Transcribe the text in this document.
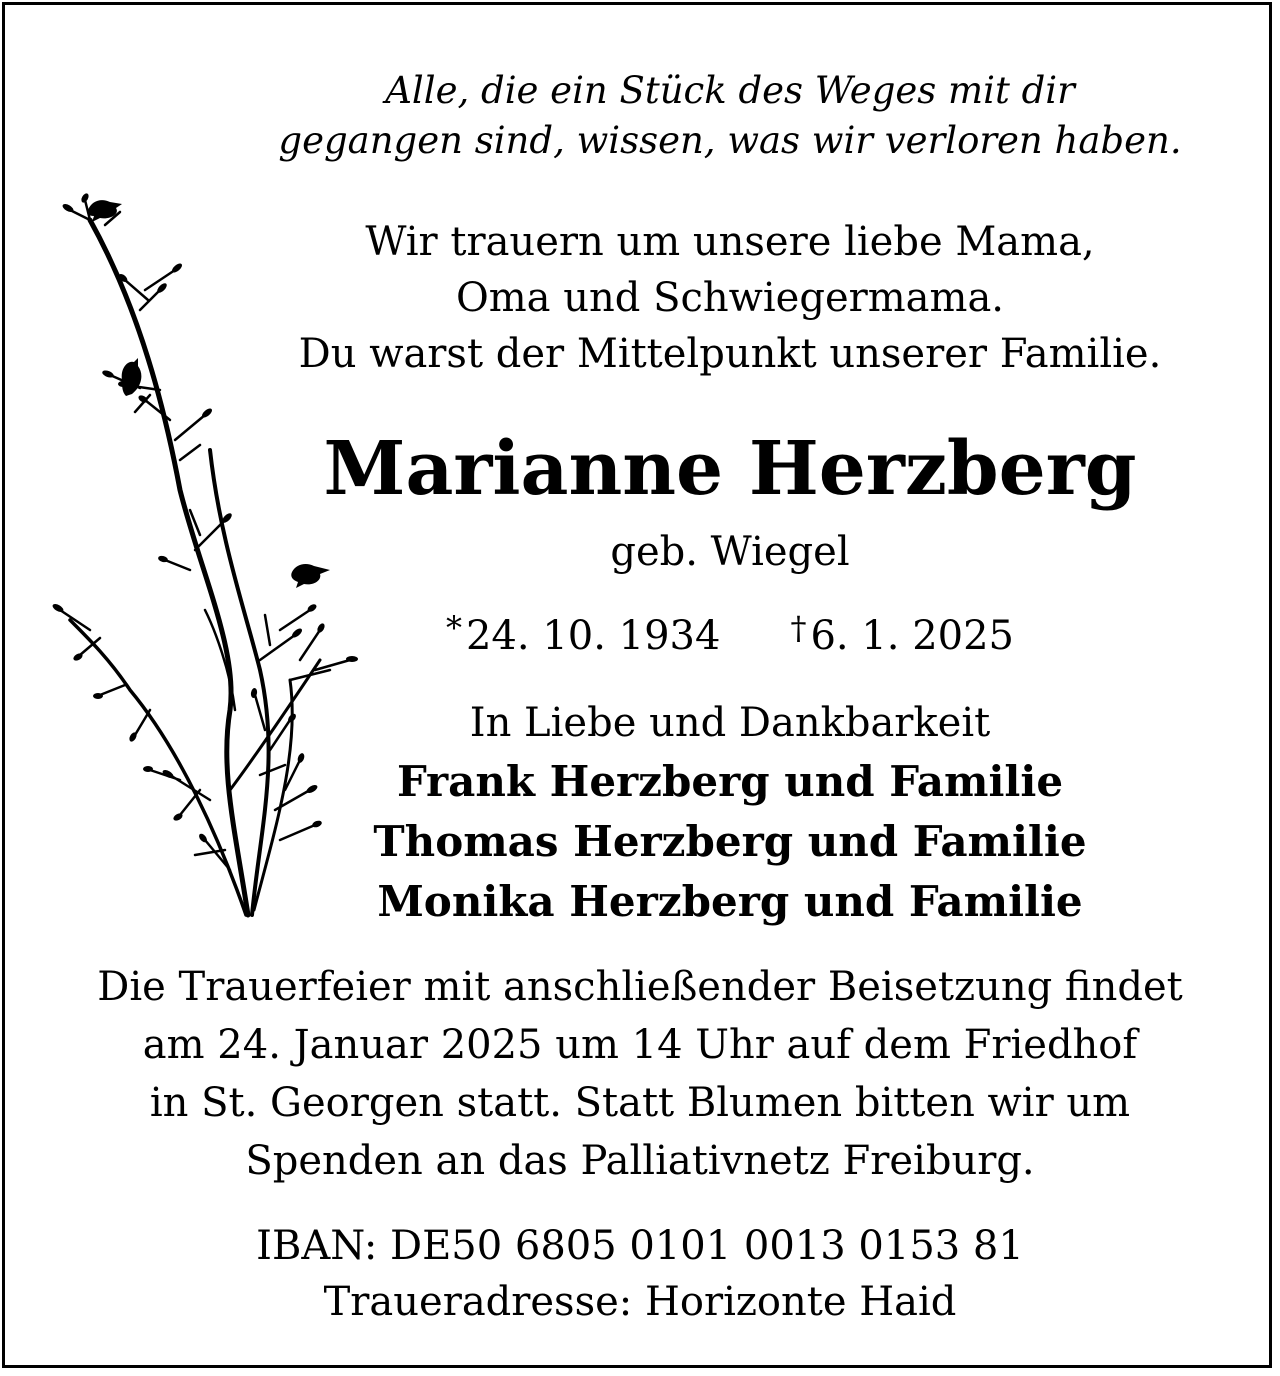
Alle, die ein Stück des Weges mit dir
gegangen sind, wissen, was wir verloren haben.
Wir trauern um unsere liebe Mama,
Oma und Schwiegermama.
Du warst der Mittelpunkt unserer Familie.
Marianne Herzberg
geb. Wiegel
* 24. 10. 1934 † 6. 1. 2025
In Liebe und Dankbarkeit
Frank Herzberg und Familie
Thomas Herzberg und Familie
Monika Herzberg und Familie
Die Trauerfeier mit anschließender Beisetzung findet
am 24. Januar 2025 um 14 Uhr auf dem Friedhof
in St. Georgen statt. Statt Blumen bitten wir um
Spenden an das Palliativnetz Freiburg.
IBAN: DE50 6805 0101 0013 0153 81
Traueradresse: Horizonte Haid
